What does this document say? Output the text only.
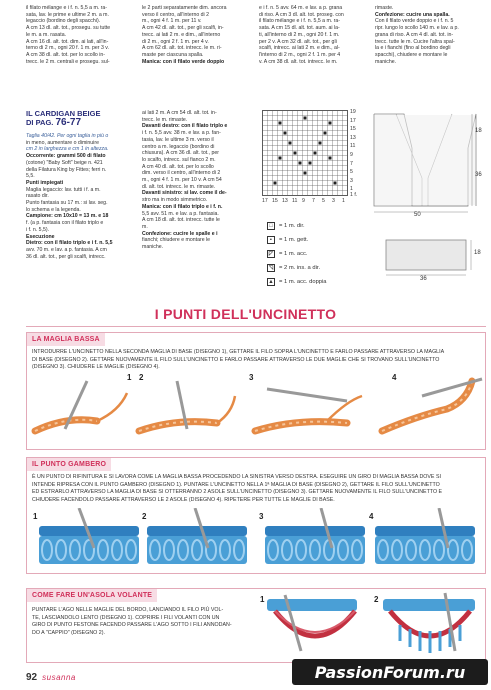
il filato mélange e i f. n. 5,5 a m. ra-
sata, lav. le prime e ultime 2 m. a m.
legaccio (bordino degli spacchi).
A cm 13 dl. alt. tot., prosegu. su tutte
le m. a m. rasata.
A cm 16 dl. alt. tot. dim. ai lati, all'in-
terno di 2 m., ogni 20 f. 1 m. per 3 v.
A cm 38 dl. alt. tot. per lo scollo in-
trecc. le 2 m. centrali e prosegu. sul-
le 2 parti separatamente dim. ancora
verso il centro, all'interno di 2
m., ogni 4 f. 1 m. per 11 v.
A cm 42 dl. alt. tot., per gli scalfi, in-
trecc. ai lati 2 m. e dim., all'interno
di 2 m., ogni 2 f. 1 m. per 4 v.
A cm 62 dl. alt. tot. intrecc. le m. ri-
maste per ciascuna spalla.
Manica: con il filato verde doppio
e i f. n. 5 avv. 64 m. e lav. a p. grana
di riso. A cm 3 dl. alt. tot. proseg. con
il filato mélange e i f. n. 5,5 a m. ra-
sata. A cm 15 dl. alt. tot. aum. ai la-
ti, all'interno di 2 m., ogni 20 f. 1 m.
per 2 v. A cm 32 dl. alt. tot., per gli
scalfi, intrecc. ai lati 2 m. e dim., al-
l'interno di 2 m., ogni 2 f. 1 m. per 4
v. A cm 38 dl. alt. tot. intrecc. le m.
rimaste.
Confezione: cucire una spalla.
Con il filato verde doppio e i f. n. 5
ripr. lungo lo scollo 140 m. e lav. a p.
grana di riso. A cm 4 dl. alt. tot. in-
trecc. tutte le m. Cucire l'altra spal-
la e i fianchi (fino al bordino degli
spacchi), chiudere e montare le
maniche.
IL CARDIGAN BEIGE
DI PAG. 76-77
Taglia 40/42. Per ogni taglia in più o
in meno, aumentare o diminuire
cm 2 in larghezza e cm 1 in altezza.
Occorrente: grammi 500 di filato
(cotone) "Baby Soft" beige n. 421
della Filatura King by Fittes; ferri n.
5,5.
Punti impiegati
Maglia legaccio: lav. tutti i f. a m.
rasato dir.
Punto fantasia su 17 m.: si lav. seg.
lo schema e la legenda.
Campione: cm 10x10 = 13 m. e 18
f. (a p. fantasia con il filato triplo e
i f. n. 5,5).
Esecuzione
Dietro: con il filato triplo e i f. n. 5,5
avv. 70 m. e lav. a p. fantasia. A cm
36 dl. alt. tot., per gli scalfi, intrecc.
ai lati 2 m. A cm 54 dl. alt. tot. in-
trecc. le m. rimaste.
Davanti destro: con il filato triplo e
i f. n. 5,5 avv. 38 m. e lav. a p. fan-
tasia, lav. le ultime 3 m. verso il
centro a m. legaccio (bordino di
chiusura). A cm 36 dl. alt. tot., per
lo scalfo, intrecc. sul fianco 2 m.
A cm 40 dl. alt. tot. per lo scollo
dim. verso il centro, all'interno di 2
m., ogni 4 f. 1 m. per 10 v. A cm 54
dl. alt. tot. intrecc. le m. rimaste.
Davanti sinistro: si lav. come il de-
stro ma in modo simmetrico.
Manica: con il filato triplo e i f. n.
5,5 avv. 51 m. e lav. a p. fantasia.
A cm 18 dl. alt. tot. intrecc. tutte le
m.
Confezione: cucire le spalle e i
fianchi; chiudere e montare le
maniche.
19
17
15
13
11
9
7
5
3
1
17 15 13 11 9 7 5 3 1
1 f.
□	= 1 m. dir.
▪	= 1 m. gett.
◸	= 1 m. acc.
◹	= 2 m. ins. a dir.
▲ = 1 m. acc. doppia
18
36
50
18
36
I PUNTI DELL'UNCINETTO
LA MAGLIA BASSA
INTRODURRE L'UNCINETTO NELLA SECONDA MAGLIA DI BASE (DISEGNO 1), GETTARE IL FILO SOPRA L'UNCINETTO E FARLO PASSARE ATTRAVERSO LA MAGLIA
DI BASE (DISEGNO 2). GETTARE NUOVAMENTE IL FILO SULL'UNCINETTO E FARLO PASSARE ATTRAVERSO LE DUE MAGLIE CHE SI TROVANO SULL'UNCINETTO
(DISEGNO 3). CHIUDERE LE MAGLIE (DISEGNO 4).
1 2	3	4
IL PUNTO GAMBERO
È UN PUNTO DI RIFINITURA E SI LAVORA COME LA MAGLIA BASSA PROCEDENDO LA SINISTRA VERSO DESTRA. ESEGUIRE UN GIRO DI MAGLIA BASSA DOVE SI
INTENDE RIPRESA CON IL PUNTO GAMBERO (DISEGNO 1). PUNTARE L'UNCINETTO NELLA 1ª MAGLIA DI BASE (DISEGNO 2), GETTARE IL FILO SULL'UNCINETTO
ED ESTRARLO ATTRAVERSO LA MAGLIA DI BASE SI OTTERRANNO 2 ASOLE SULL'UNCINETTO (DISEGNO 3). GETTARE NUOVAMENTE IL FILO SULL'UNCINETTO E
CHIUDERE FACENDOLO PASSARE ATTRAVERSO LE 2 ASOLE (DISEGNO 4). RIPETERE PER TUTTE LE MAGLIE DI BASE.
1	2	3	4
COME FARE UN'ASOLA VOLANTE
PUNTARE L'AGO NELLE MAGLIE DEL BORDO, LANCIANDO IL FILO PIÙ VOL-
TE, LASCIANDOLO LENTO (DISEGNO 1). COPRIRE I FILI VOLANTI CON UN
GIRO DI PUNTO FESTONE FACENDO PASSARE L'AGO SOTTO I FILI ANNODAN-
DO A "CAPPIO" (DISEGNO 2).
1	2
92 susanna	PassionForum.ru
